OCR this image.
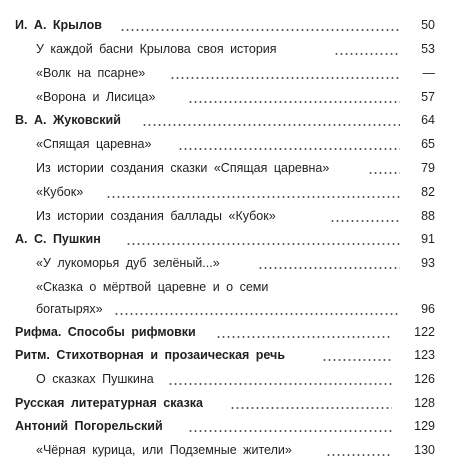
И. А. Крылов	50
У каждой басни Крылова своя история	53
«Волк на псарне»	—
«Ворона и Лисица»	57
В. А. Жуковский	64
«Спящая царевна»	65
Из истории создания сказки «Спящая царевна»	79
«Кубок»	82
Из истории создания баллады «Кубок»	88
А. С. Пушкин	91
«У лукоморья дуб зелёный...»	93
«Сказка о мёртвой царевне и о семи
богатырях»	96
Рифма. Способы рифмовки	122
Ритм. Стихотворная и прозаическая речь	123
О сказках Пушкина	126
Русская литературная сказка	128
Антоний Погорельский	129
«Чёрная курица, или Подземные жители»	130
